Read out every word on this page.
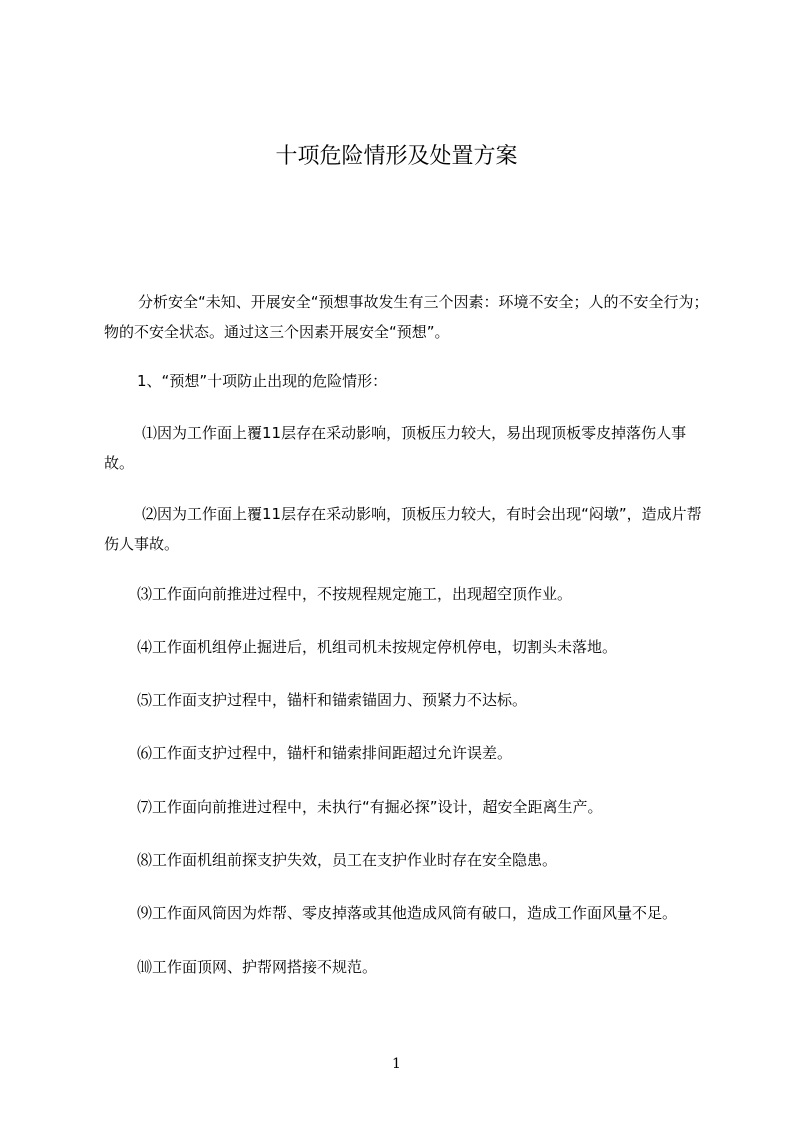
十项危险情形及处置方案

分析安全“未知、开展安全“预想事故发生有三个因素：环境不安全；人的不安全行为；物的不安全状态。通过这三个因素开展安全“预想”。

1、“预想”十项防止出现的危险情形：

⑴因为工作面上覆11层存在采动影响，顶板压力较大，易出现顶板零皮掉落伤人事故。

⑵因为工作面上覆11层存在采动影响，顶板压力较大，有时会出现“闷墩”，造成片帮伤人事故。

⑶工作面向前推进过程中，不按规程规定施工，出现超空顶作业。
⑷工作面机组停止掘进后，机组司机未按规定停机停电，切割头未落地。
⑸工作面支护过程中，锚杆和锚索锚固力、预紧力不达标。
⑹工作面支护过程中，锚杆和锚索排间距超过允许误差。
⑺工作面向前推进过程中，未执行“有掘必探”设计，超安全距离生产。
⑻工作面机组前探支护失效，员工在支护作业时存在安全隐患。
⑼工作面风筒因为炸帮、零皮掉落或其他造成风筒有破口，造成工作面风量不足。
⑽工作面顶网、护帮网搭接不规范。
1
